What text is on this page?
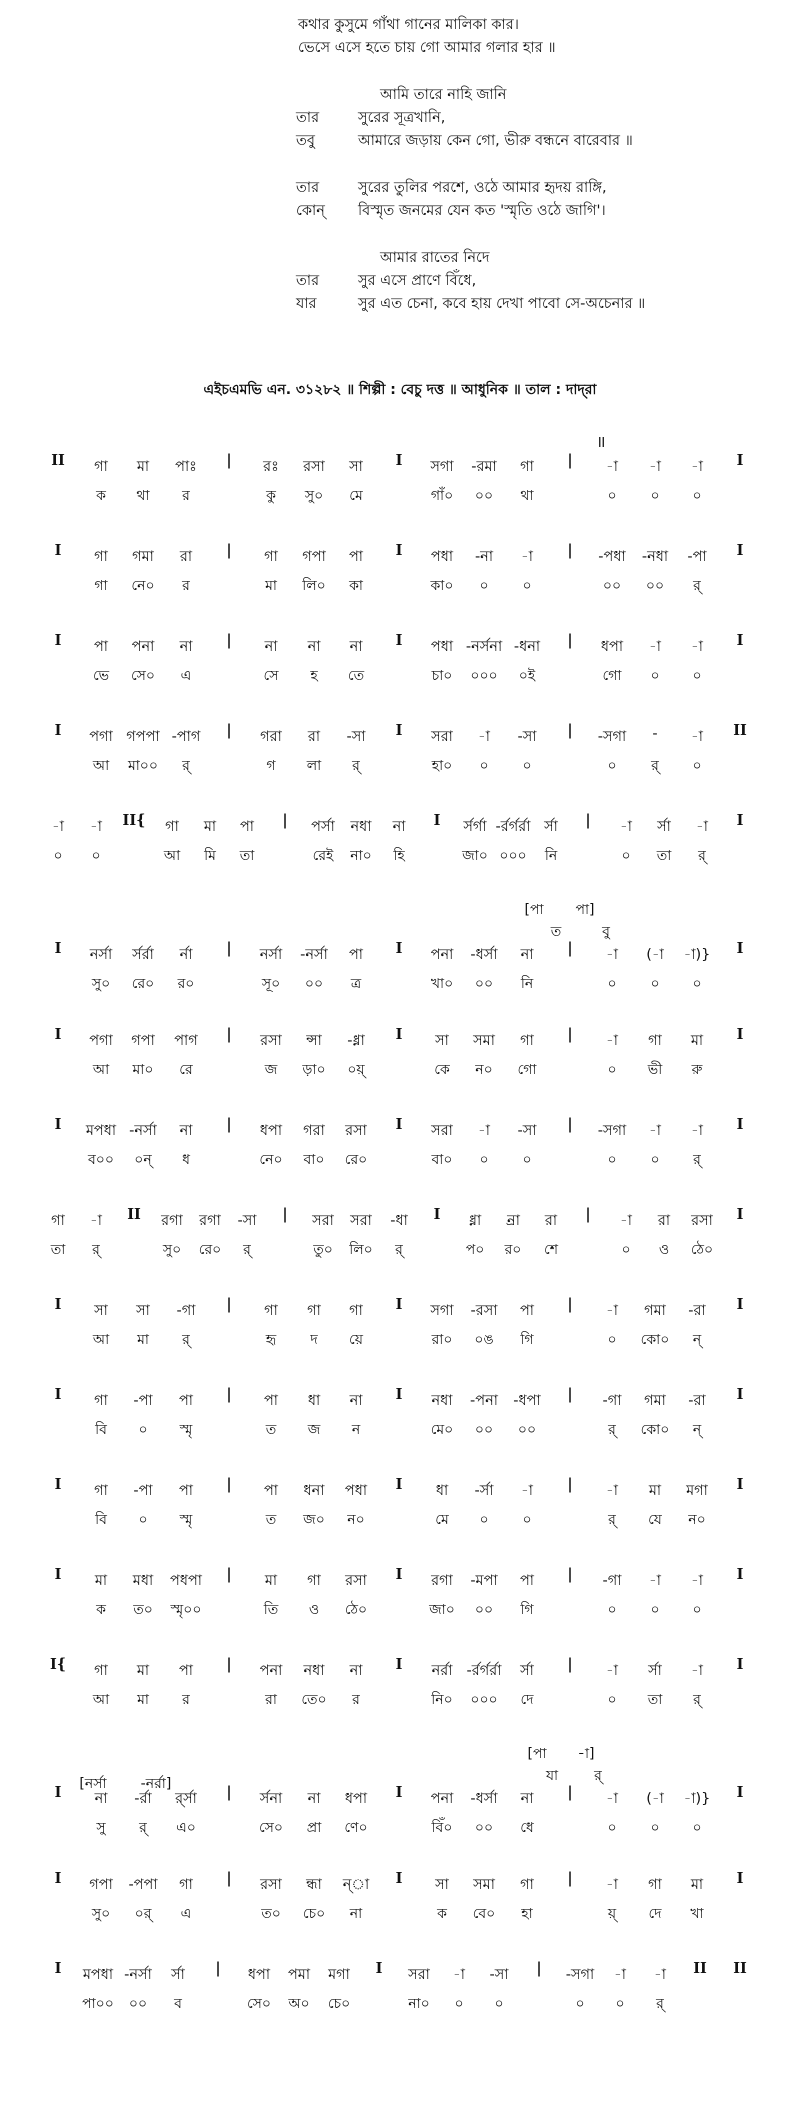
কথার কুসুমে গাঁথা গানের মালিকা কার।
ভেসে এসে হতে চায় গো আমার গলার হার ॥
আমি তারে নাহি জানি
তার	সুরের সূত্রখানি,
তবু	আমারে জড়ায় কেন গো, ভীরু বন্ধনে বারেবার ॥
তার	সুরের তুলির পরশে, ওঠে আমার হৃদয় রাঙ্গি,
কোন্ বিস্মৃত জনমের যেন কত 'স্মৃতি ওঠে জাগি'।
আমার রাতের নিদে
তার	সুর এসে প্রাণে বিঁধে,
যার	সুর এত চেনা, কবে হায় দেখা পাবো সে-অচেনার ॥
এইচএমভি এন. ৩১২৮২ ॥ শিল্পী : বেচু দত্ত ॥ আধুনিক ॥ তাল : দাদ্‌রা
॥
II গা মা পাঃ | রঃ রসা সা I সগা -রমা গা | -া -া -া I
ক থা র	কু সু০ মে	গাঁ০ ০০ থা	০ ০ ০
I গা গমা রা | গা গপা পা I পধা -না -া | -পধা -নধা -পা I
গা নে০ র	মা লি০ কা	কা০ ০ ০	০০ ০০ র্
I পা পনা না | না না না I পধা -নর্সনা -ধনা | ধপা -া -া I
ভে সে০ এ	সে হ তে	চা০ ০০০ ০ই	গো ০ ০
I পগা গপপা -পাগ | গরা রা -সা I সরা -া -সা | -সগা - -া II
আ মা০০ র্	গ লা র্	হা০ ০ ০	০ র্ ০
-া -া II{ গা মা পা | পর্সা নধা না I র্সর্গা -র্রর্গর্রা র্সা | -া র্সা -া I
০ ০	আ মি তা	রেই না০ হি	জা০ ০০০ নি	০ তা র্
[পা পা]
ত	বু
I নর্সা র্সর্রা র্না | নর্সা -নর্সা পা I পনা -ধর্সা না | -া (-া -া)} I
সু০ রে০ র০	সূ০ ০০ ত্র	খা০ ০০ নি	০ ০ ০
I পগা গপা পাগ | রসা ন্সা -ধ্না I সা সমা গা | -া গা মা I
আ মা০ রে	জ ড়া০ ০য়্	কে ন০ গো	০ ভী রু
I মপধা -নর্সা না | ধপা গরা রসা I সরা -া -সা | -সগা -া -া I
ব০০ ০ন্ ধ	নে০ বা০ রে০	বা০ ০ ০	০ ০ র্
গা -া II রগা রগা -সা | সরা সরা -ধা I ধ্না ন্রা রা | -া রা রসা I
তা র্	সু০ রে০ র্	তু০ লি০ র্	প০ র০ শে	০ ও ঠে০
I সা সা -গা | গা গা গা I সগা -রসা পা | -া গমা -রা I
আ মা র্	হৃ দ য়ে	রা০ ০ঙ গি	০ কো০ ন্
I গা -পা পা | পা ধা না I নধা -পনা -ধপা | -গা গমা -রা I
বি ০ স্মৃ	ত জ ন	মে০ ০০ ০০	র্ কো০ ন্
I গা -পা পা | পা ধনা পধা I ধা -র্সা -া | -া মা মগা I
বি ০ স্মৃ	ত জ০ ন০	মে ০ ০	র্ যে ন০
I মা মধা পধপা | মা গা রসা I রগা -মপা পা | -গা -া -া I
ক ত০ স্মৃ০০	তি ও ঠে০	জা০ ০০ গি	০ ০ ০
I{ গা মা পা | পনা নধা না I নর্রা -র্রর্গর্রা র্সা | -া র্সা -া I
আ মা র	রা তে০ র	নি০ ০০০ দে	০ তা র্
[পা -া]
যা	র্
[নর্সা -নর্রা]
I না -র্রা র্র্সা | র্সনা না ধপা I পনা -ধর্সা না | -া (-া -া)} I
সু র্ এ০	সে০ প্রা ণে০	বিঁ০ ০০ ধে	০ ০ ০
I গপা -পপা গা | রসা ন্ধা ন্া I সা সমা গা | -া গা মা I
সু০ ০র্ এ	ত০ চে০ না	ক বে০ হা	য়্ দে খা
I মপধা -নর্সা র্সা | ধপা পমা মগা I সরা -া -সা | -সগা -া -া II II
পা০০ ০০ ব	সে০ অ০ চে০	না০ ০ ০	০ ০ র্
